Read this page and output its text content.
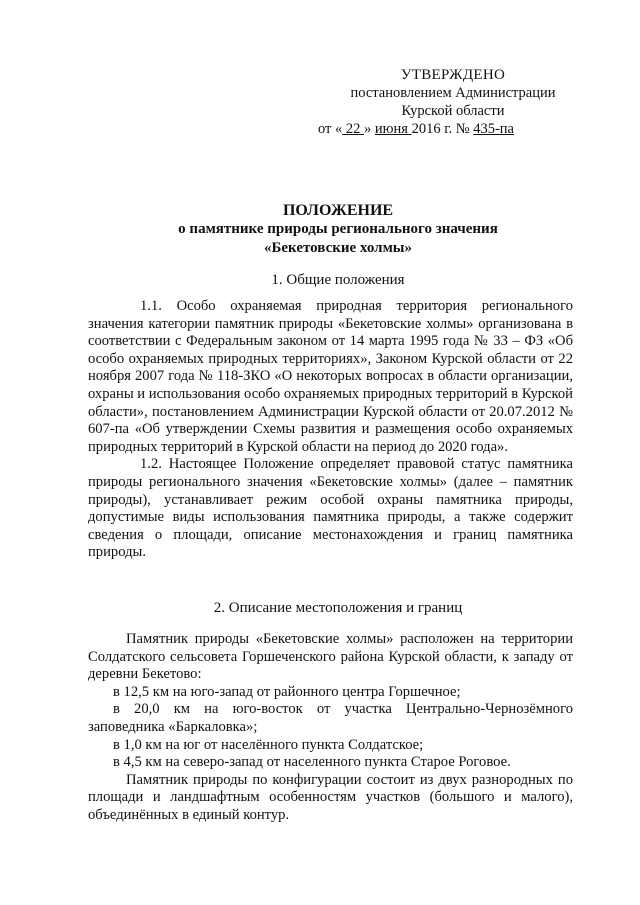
УТВЕРЖДЕНО
постановлением Администрации
Курской области
от « 22 » июня 2016 г. № 435-па
ПОЛОЖЕНИЕ
о памятнике природы регионального значения
«Бекетовские холмы»
1. Общие положения

1.1. Особо охраняемая природная территория регионального значения категории памятник природы «Бекетовские холмы» организована в соответствии с Федеральным законом от 14 марта 1995 года № 33 – ФЗ «Об особо охраняемых природных территориях», Законом Курской области от 22 ноября 2007 года № 118-ЗКО «О некоторых вопросах в области организации, охраны и использования особо охраняемых природных территорий в Курской области», постановлением Администрации Курской области от 20.07.2012 № 607-па «Об утверждении Схемы развития и размещения особо охраняемых природных территорий в Курской области на период до 2020 года».

1.2. Настоящее Положение определяет правовой статус памятника природы регионального значения «Бекетовские холмы» (далее – памятник природы), устанавливает режим особой охраны памятника природы, допустимые виды использования памятника природы, а также содержит сведения о площади, описание местонахождения и границ памятника природы.

2. Описание местоположения и границ

Памятник природы «Бекетовские холмы» расположен на территории Солдатского сельсовета Горшеченского района Курской области, к западу от деревни Бекетово:

в 12,5 км на юго-запад от районного центра Горшечное;

в 20,0 км на юго-восток от участка Центрально-Чернозёмного заповедника «Баркаловка»;

в 1,0 км на юг от населённого пункта Солдатское;

в 4,5 км на северо-запад от населенного пункта Старое Роговое.

Памятник природы по конфигурации состоит из двух разнородных по площади и ландшафтным особенностям участков (большого и малого), объединённых в единый контур.
